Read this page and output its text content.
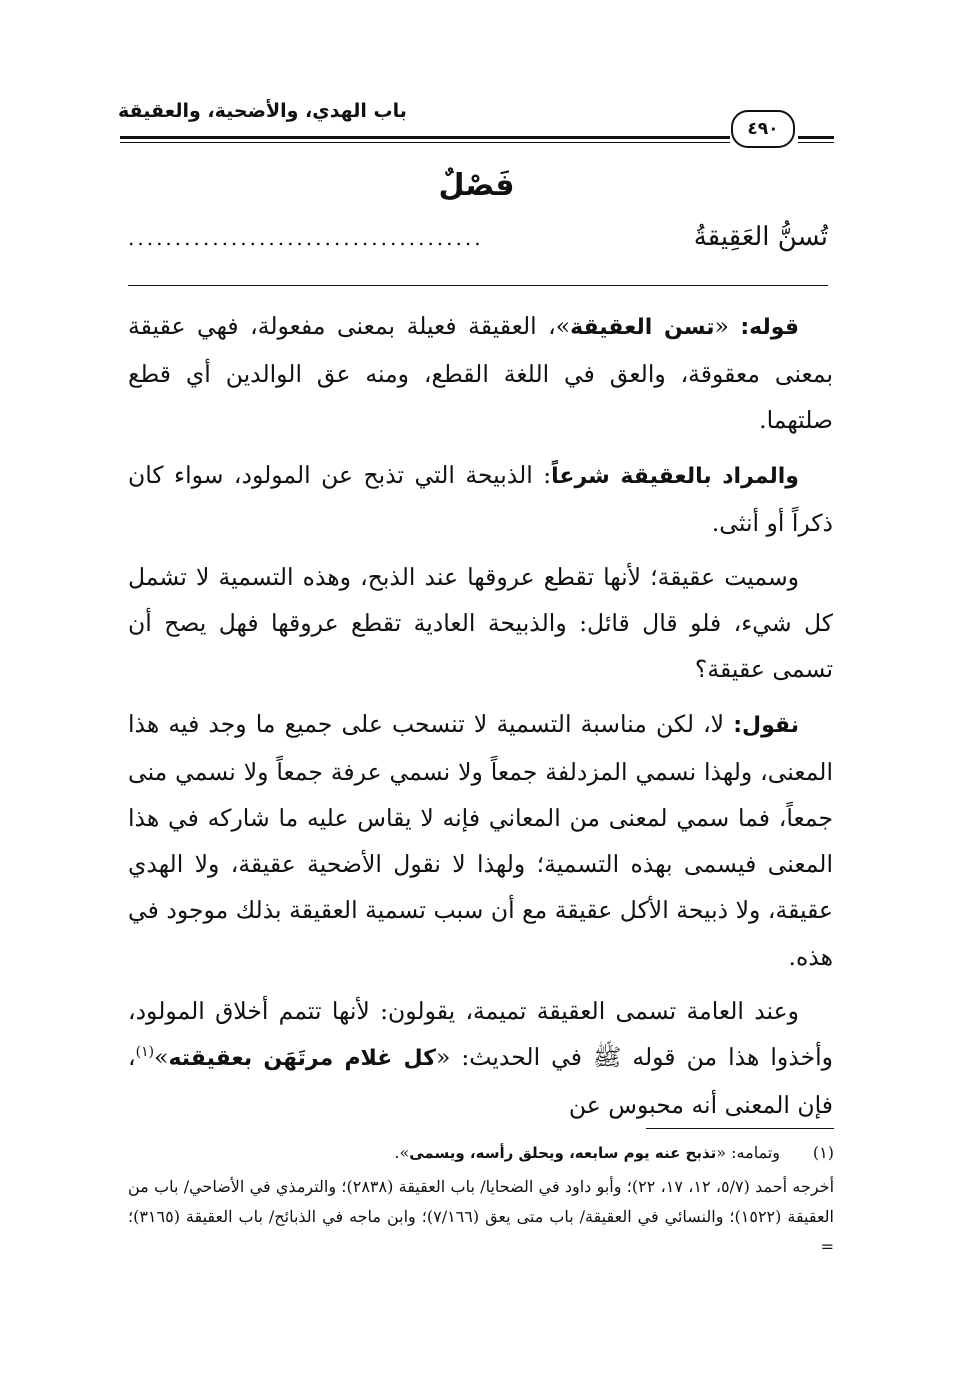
باب الهدي، والأضحية، والعقيقة
٤٩٠
فَصْلٌ
تُسنُّ العَقِيقةُ
......................................

قوله: «تسن العقيقة»، العقيقة فعيلة بمعنى مفعولة، فهي عقيقة بمعنى معقوقة، والعق في اللغة القطع، ومنه عق الوالدين أي قطع صلتهما.

والمراد بالعقيقة شرعاً: الذبيحة التي تذبح عن المولود، سواء كان ذكراً أو أنثى.

وسميت عقيقة؛ لأنها تقطع عروقها عند الذبح، وهذه التسمية لا تشمل كل شيء، فلو قال قائل: والذبيحة العادية تقطع عروقها فهل يصح أن تسمى عقيقة؟

نقول: لا، لكن مناسبة التسمية لا تنسحب على جميع ما وجد فيه هذا المعنى، ولهذا نسمي المزدلفة جمعاً ولا نسمي عرفة جمعاً ولا نسمي منى جمعاً، فما سمي لمعنى من المعاني فإنه لا يقاس عليه ما شاركه في هذا المعنى فيسمى بهذه التسمية؛ ولهذا لا نقول الأضحية عقيقة، ولا الهدي عقيقة، ولا ذبيحة الأكل عقيقة مع أن سبب تسمية العقيقة بذلك موجود في هذه.

وعند العامة تسمى العقيقة تميمة، يقولون: لأنها تتمم أخلاق المولود، وأخذوا هذا من قوله ﷺ في الحديث: «كل غلام مرتَهَن بعقيقته»$^{(١)}$، فإن المعنى أنه محبوس عن

(١)وتمامه: «تذبح عنه يوم سابعه، ويحلق رأسه، ويسمى».

أخرجه أحمد (٥/٧، ١٢، ١٧، ٢٢)؛ وأبو داود في الضحايا/ باب العقيقة (٢٨٣٨)؛ والترمذي في الأضاحي/ باب من العقيقة (١٥٢٢)؛ والنسائي في العقيقة/ باب متى يعق (٧/١٦٦)؛ وابن ماجه في الذبائح/ باب العقيقة (٣١٦٥)؛ =
